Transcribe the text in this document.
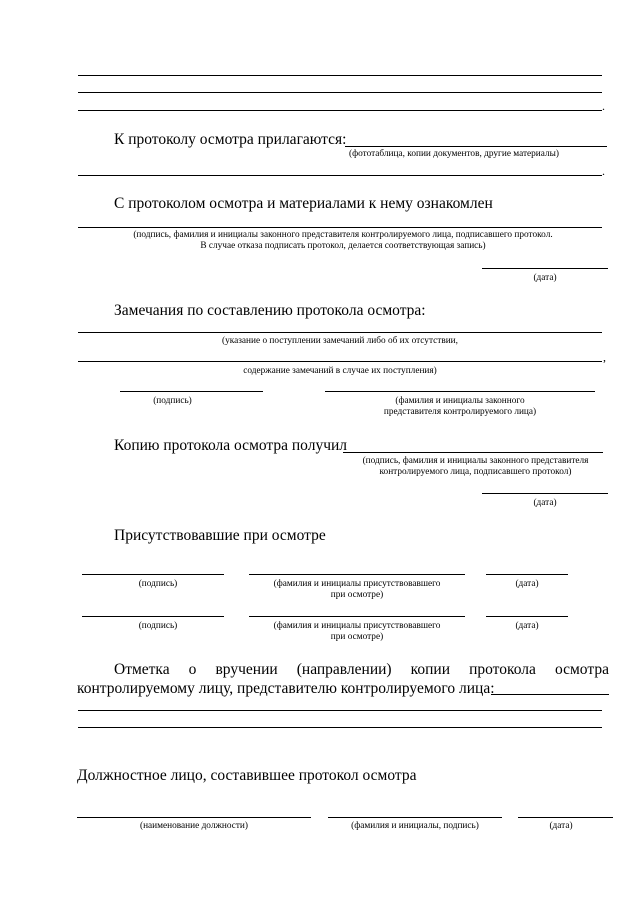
.
К протоколу осмотра прилагаются:
(фототаблица, копии документов, другие материалы)
.
С протоколом осмотра и материалами к нему ознакомлен
(подпись, фамилия и инициалы законного представителя контролируемого лица, подписавшего протокол.
В случае отказа подписать протокол, делается соответствующая запись)
(дата)
Замечания по составлению протокола осмотра:
(указание о поступлении замечаний либо об их отсутствии,
,
содержание замечаний в случае их поступления)
(подпись)	(фамилия и инициалы законного
представителя контролируемого лица)
Копию протокола осмотра получил
(подпись, фамилия и инициалы законного представителя
контролируемого лица, подписавшего протокол)
(дата)
Присутствовавшие при осмотре
(подпись)	(фамилия и инициалы присутствовавшего
при осмотре)
(дата)
(подпись)	(фамилия и инициалы присутствовавшего
при осмотре)
(дата)
Отметка о вручении (направлении) копии протокола осмотра
контролируемому лицу, представителю контролируемого лица:
Должностное лицо, составившее протокол осмотра
(наименование должности)	(фамилия и инициалы, подпись)	(дата)
